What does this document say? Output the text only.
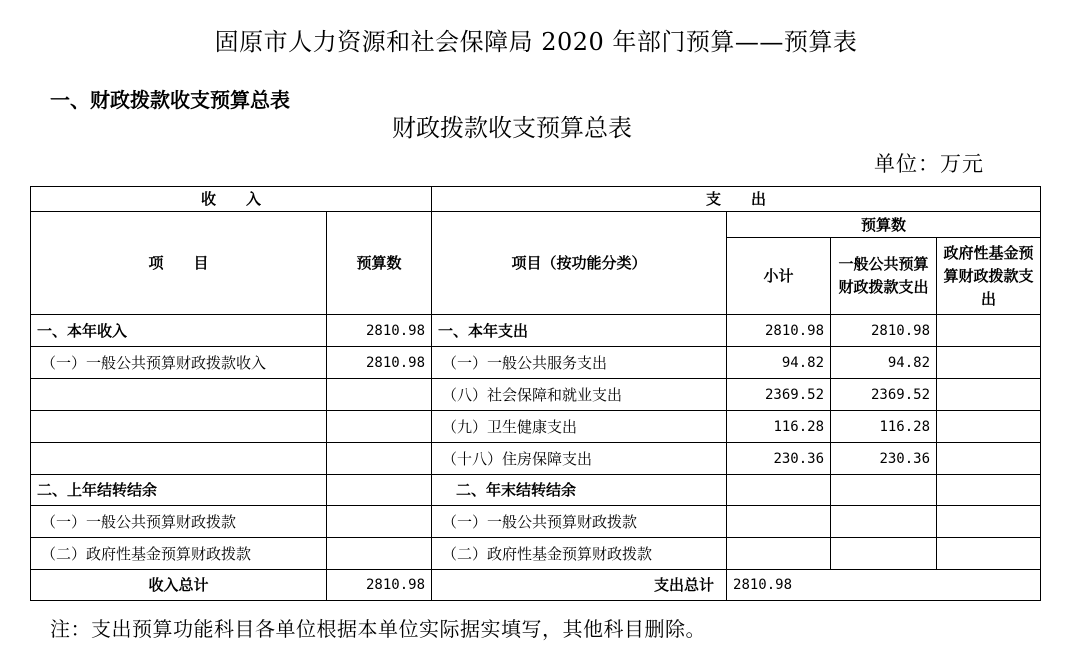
固原市人力资源和社会保障局 2020 年部门预算——预算表
一、财政拨款收支预算总表
财政拨款收支预算总表
单位：万元
收　　入		支　　出			
项　　目	预算数	项目（按功能分类）	预算数		
			小计	一般公共预算财政拨款支出	政府性基金预算财政拨款支出
一、本年收入	2810.98	一、本年支出	2810.98	2810.98	
（一）一般公共预算财政拨款收入	2810.98	（一）一般公共服务支出	94.82	94.82	
		（八）社会保障和就业支出	2369.52	2369.52	
		（九）卫生健康支出	116.28	116.28	
		（十八）住房保障支出	230.36	230.36	
二、上年结转结余		二、年末结转结余			
（一）一般公共预算财政拨款		（一）一般公共预算财政拨款			
（二）政府性基金预算财政拨款		（二）政府性基金预算财政拨款			
收入总计	2810.98	支出总计	2810.98		
注：支出预算功能科目各单位根据本单位实际据实填写，其他科目删除。
